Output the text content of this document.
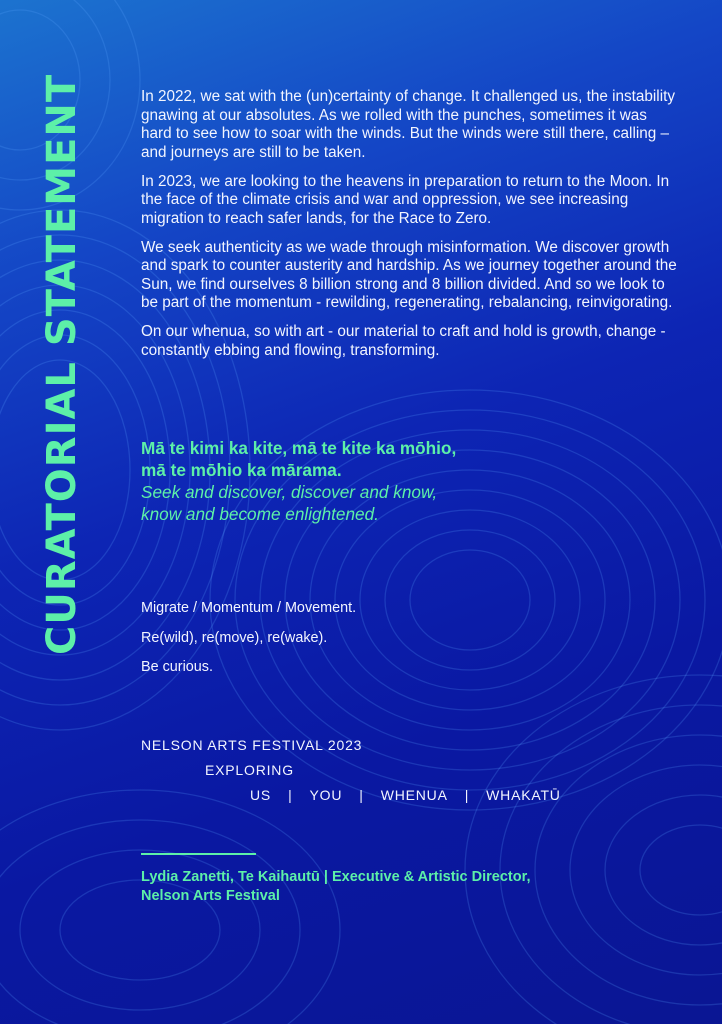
CURATORIAL STATEMENT	In 2022, we sat with the (un)certainty of change. It challenged us, the instability gnawing at our absolutes. As we rolled with the punches, sometimes it was hard to see how to soar with the winds. But the winds were still there, calling – and journeys are still to be taken.

In 2023, we are looking to the heavens in preparation to return to the Moon. In the face of the climate crisis and war and oppression, we see increasing migration to reach safer lands, for the Race to Zero.

We seek authenticity as we wade through misinformation. We discover growth and spark to counter austerity and hardship. As we journey together around the Sun, we find ourselves 8 billion strong and 8 billion divided. And so we look to be part of the momentum - rewilding, regenerating, rebalancing, reinvigorating.

On our whenua, so with art - our material to craft and hold is growth, change - constantly ebbing and flowing, transforming.

Mā te kimi ka kite, mā te kite ka mōhio,
mā te mōhio ka mārama.
Seek and discover, discover and know,
know and become enlightened.
Migrate / Momentum / Movement.
Re(wild), re(move), re(wake).
Be curious.
NELSON ARTS FESTIVAL 2023
EXPLORING
US | YOU | WHENUA | WHAKATŪ
Lydia Zanetti, Te Kaihautū | Executive & Artistic Director,
Nelson Arts Festival
